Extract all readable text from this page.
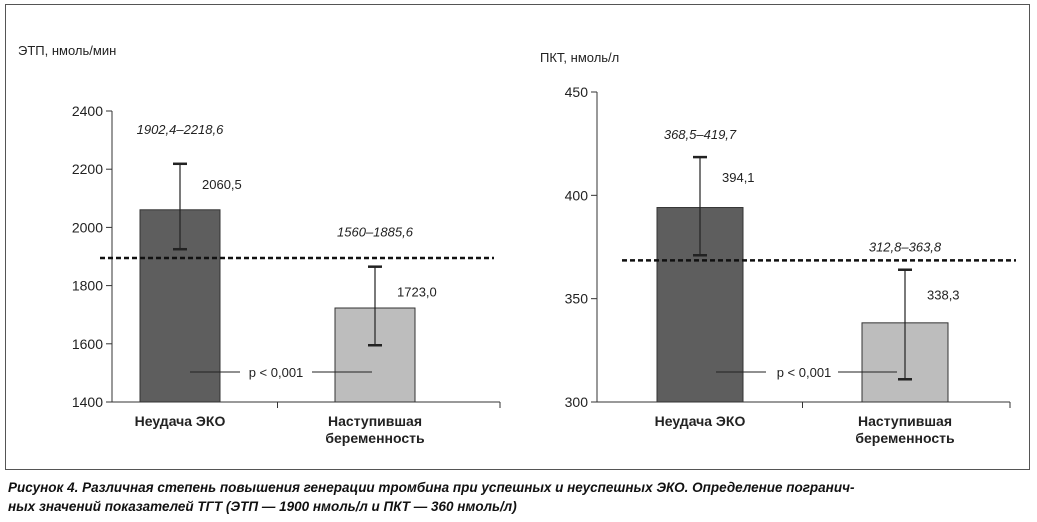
ЭТП, нмоль/мин
1400
1600
1800
2000
2200
2400
2060,5
1902,4–2218,6
Неудача ЭКО
1723,0
1560–1885,6
Наступившая
беременность
p < 0,001
ПКТ, нмоль/л
300
350
400
450
394,1
368,5–419,7
Неудача ЭКО
338,3
312,8–363,8
Наступившая
беременность
p < 0,001
Рисунок 4. Различная степень повышения генерации тромбина при успешных и неуспешных ЭКО. Определение погранич-
ных значений показателей ТГТ (ЭТП — 1900 нмоль/л и ПКТ — 360 нмоль/л)
